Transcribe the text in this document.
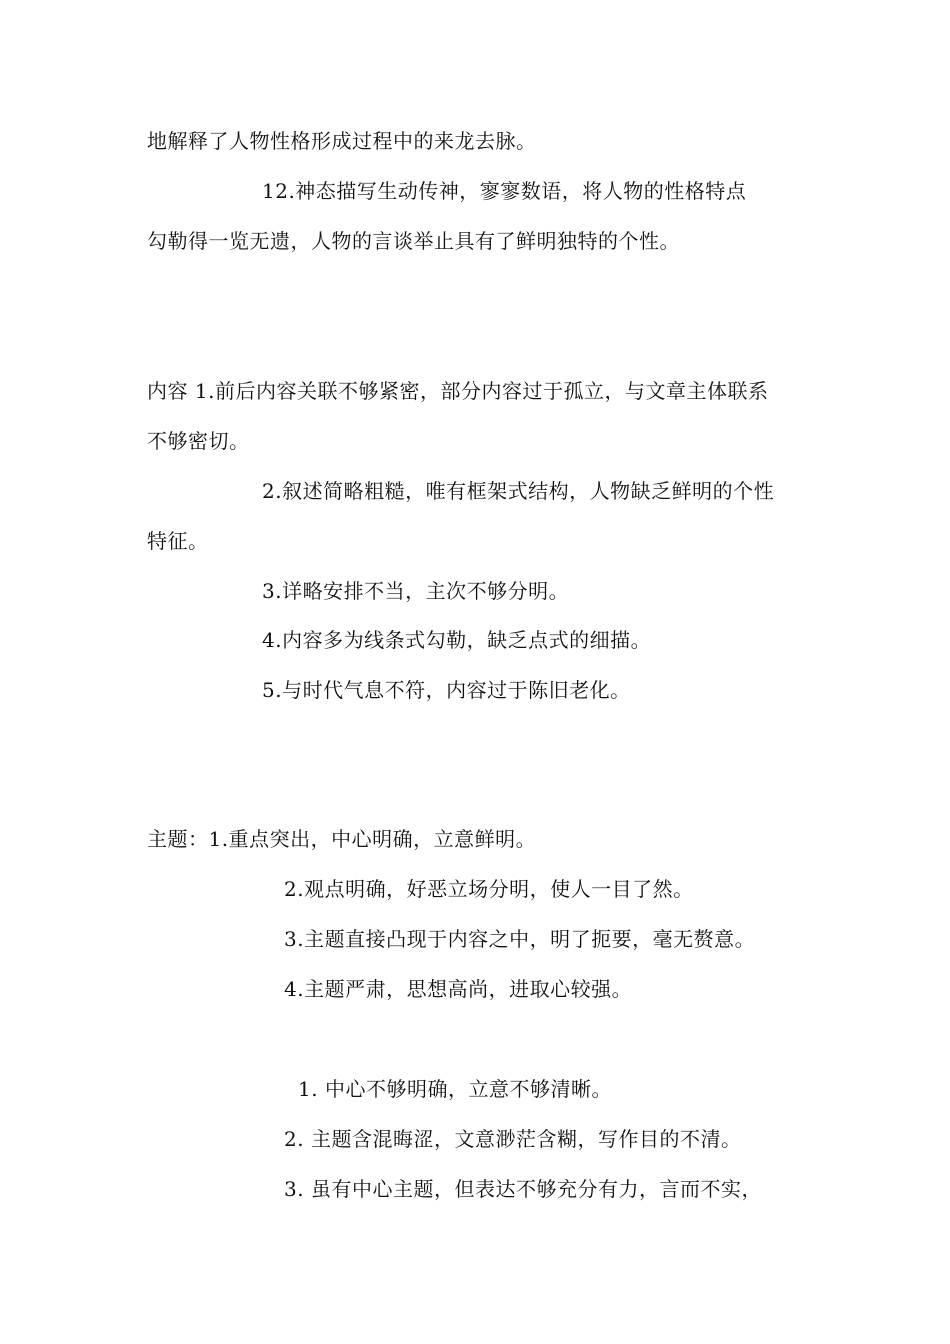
地解释了人物性格形成过程中的来龙去脉。
12.神态描写生动传神，寥寥数语，将人物的性格特点
勾勒得一览无遗，人物的言谈举止具有了鲜明独特的个性。
内容 1.前后内容关联不够紧密，部分内容过于孤立，与文章主体联系
不够密切。
2.叙述简略粗糙，唯有框架式结构，人物缺乏鲜明的个性
特征。
3.详略安排不当，主次不够分明。
4.内容多为线条式勾勒，缺乏点式的细描。
5.与时代气息不符，内容过于陈旧老化。
主题：1.重点突出，中心明确，立意鲜明。
2.观点明确，好恶立场分明，使人一目了然。
3.主题直接凸现于内容之中，明了扼要，毫无赘意。
4.主题严肃，思想高尚，进取心较强。
1. 中心不够明确，立意不够清晰。
2. 主题含混晦涩，文意渺茫含糊，写作目的不清。
3. 虽有中心主题，但表达不够充分有力，言而不实，
